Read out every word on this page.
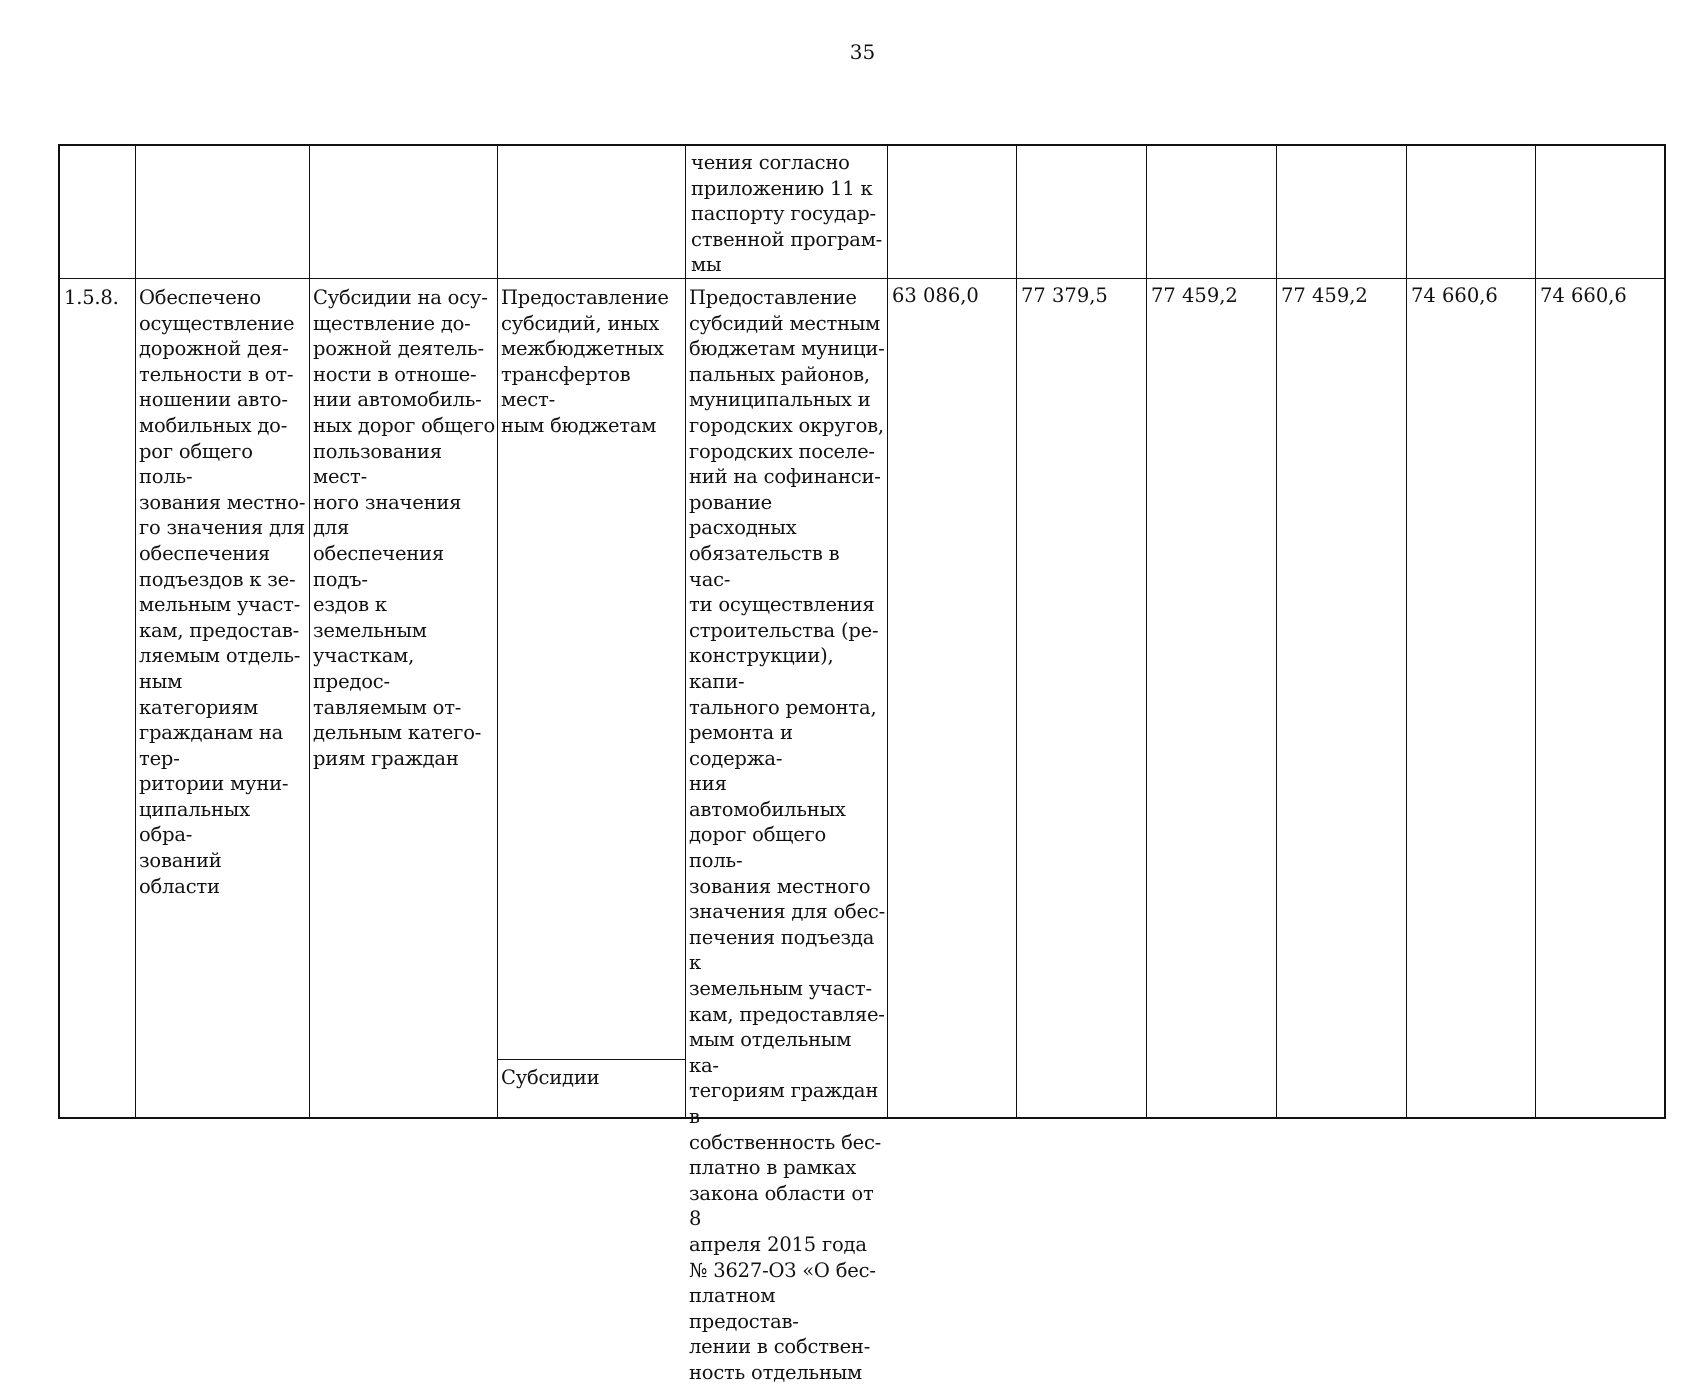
35
чения согласно
приложению 11 к
паспорту государ-
ственной програм-
мы
1.5.8.	Обеспечено
осуществление
дорожной дея-
тельности в от-
ношении авто-
мобильных до-
рог общего поль-
зования местно-
го значения для
обеспечения
подъездов к зе-
мельным участ-
кам, предостав-
ляемым отдель-
ным категориям
гражданам на тер-
ритории муни-
ципальных обра-
зований области
Субсидии на осу-
ществление до-
рожной деятель-
ности в отноше-
нии автомобиль-
ных дорог общего
пользования мест-
ного значения для
обеспечения подъ-
ездов к земельным
участкам, предос-
тавляемым от-
дельным катего-
риям граждан
Предоставление
субсидий, иных
межбюджетных
трансфертов мест-
ным бюджетам
Субсидии
Предоставление
субсидий местным
бюджетам муници-
пальных районов,
муниципальных и
городских округов,
городских поселе-
ний на софинанси-
рование расходных
обязательств в час-
ти осуществления
строительства (ре-
конструкции), капи-
тального ремонта,
ремонта и содержа-
ния автомобильных
дорог общего поль-
зования местного
значения для обес-
печения подъезда к
земельным участ-
кам, предоставляе-
мым отдельным ка-
тегориям граждан в
собственность бес-
платно в рамках
закона области от 8
апреля 2015 года
№ 3627-ОЗ «О бес-
платном предостав-
лении в собствен-
ность отдельным
63 086,0 77 379,5 77 459,2 77 459,2 74 660,6 74 660,6
